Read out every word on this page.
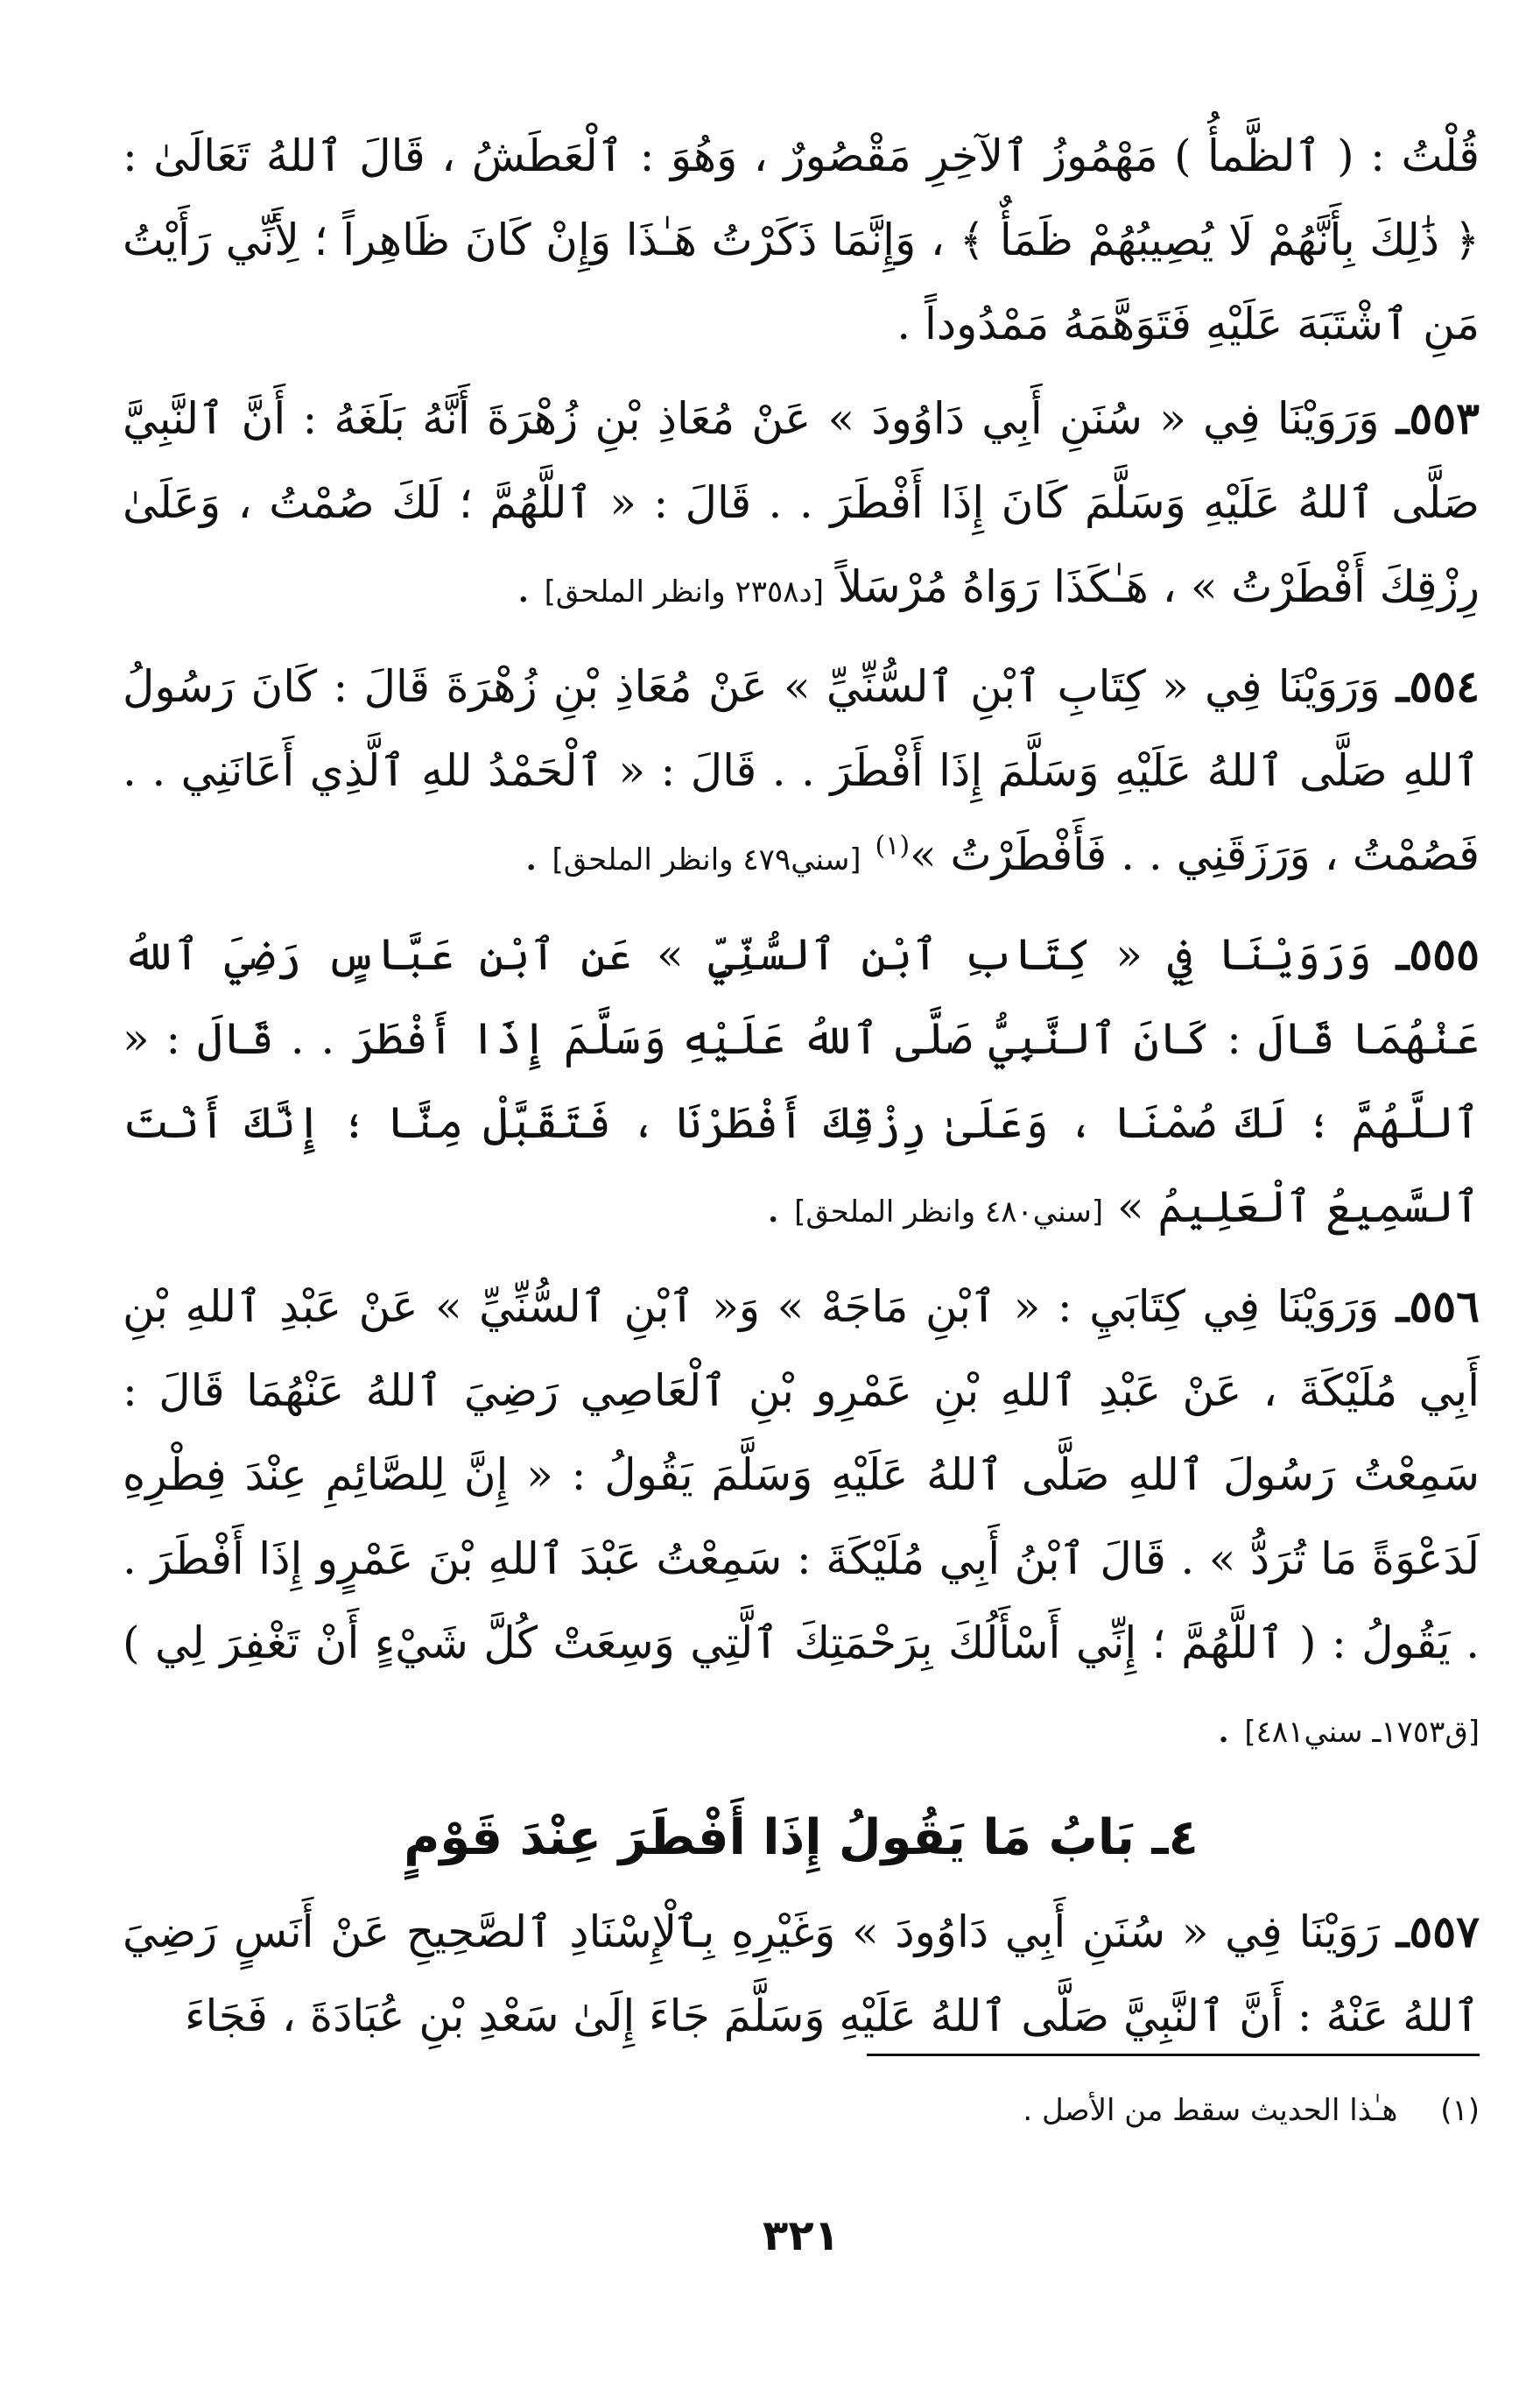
قُلْتُ : ( ٱلظَّمأُ ) مَهْمُوزُ ٱلآخِرِ مَقْصُورٌ ، وَهُوَ : ٱلْعَطَشُ ، قَالَ ٱللهُ تَعَالَىٰ : ﴿ ذَٰلِكَ بِأَنَّهُمْ لَا يُصِيبُهُمْ ظَمَأٌ ﴾ ، وَإِنَّمَا ذَكَرْتُ هَـٰذَا وَإِنْ كَانَ ظَاهِراً ؛ لِأَنِّي رَأَيْتُ مَنِ ٱشْتَبَهَ عَلَيْهِ فَتَوَهَّمَهُ مَمْدُوداً .

٥٥٣ـ وَرَوَيْنَا فِي « سُنَنِ أَبِي دَاوُودَ » عَنْ مُعَاذِ بْنِ زُهْرَةَ أَنَّهُ بَلَغَهُ : أَنَّ ٱلنَّبِيَّ صَلَّى ٱللهُ عَلَيْهِ وَسَلَّمَ كَانَ إِذَا أَفْطَرَ . . قَالَ : « ٱللَّهُمَّ ؛ لَكَ صُمْتُ ، وَعَلَىٰ رِزْقِكَ أَفْطَرْتُ » ، هَـٰكَذَا رَوَاهُ مُرْسَلاً [د٢٣٥٨ وانظر الملحق] .

٥٥٤ـ وَرَوَيْنَا فِي « كِتَابِ ٱبْنِ ٱلسُّنِّيِّ » عَنْ مُعَاذِ بْنِ زُهْرَةَ قَالَ : كَانَ رَسُولُ ٱللهِ صَلَّى ٱللهُ عَلَيْهِ وَسَلَّمَ إِذَا أَفْطَرَ . . قَالَ : « ٱلْحَمْدُ للهِ ٱلَّذِي أَعَانَنِي . . فَصُمْتُ ، وَرَزَقَنِي . . فَأَفْطَرْتُ »$^{(١)}$ [سني٤٧٩ وانظر الملحق] .

٥٥٥ـ وَرَوَيْنَا فِي « كِتَابِ ٱبْنِ ٱلسُّنِّيِّ » عَنِ ٱبْنِ عَبَّاسٍ رَضِيَ ٱللهُ عَنْهُمَا قَالَ : كَانَ ٱلنَّبِيُّ صَلَّى ٱللهُ عَلَيْهِ وَسَلَّمَ إِذَا أَفْطَرَ . . قَالَ : « ٱللَّهُمَّ ؛ لَكَ صُمْنَا ، وَعَلَىٰ رِزْقِكَ أَفْطَرْنَا ، فَتَقَبَّلْ مِنَّا ؛ إِنَّكَ أَنْتَ ٱلسَّمِيعُ ٱلْعَلِيمُ » [سني٤٨٠ وانظر الملحق] .

٥٥٦ـ وَرَوَيْنَا فِي كِتَابَيِ : « ٱبْنِ مَاجَهْ » وَ« ٱبْنِ ٱلسُّنِّيِّ » عَنْ عَبْدِ ٱللهِ بْنِ أَبِي مُلَيْكَةَ ، عَنْ عَبْدِ ٱللهِ بْنِ عَمْرِو بْنِ ٱلْعَاصِي رَضِيَ ٱللهُ عَنْهُمَا قَالَ : سَمِعْتُ رَسُولَ ٱللهِ صَلَّى ٱللهُ عَلَيْهِ وَسَلَّمَ يَقُولُ : « إِنَّ لِلصَّائِمِ عِنْدَ فِطْرِهِ لَدَعْوَةً مَا تُرَدُّ » . قَالَ ٱبْنُ أَبِي مُلَيْكَةَ : سَمِعْتُ عَبْدَ ٱللهِ بْنَ عَمْرٍو إِذَا أَفْطَرَ . . يَقُولُ : ( ٱللَّهُمَّ ؛ إِنِّي أَسْأَلُكَ بِرَحْمَتِكَ ٱلَّتِي وَسِعَتْ كُلَّ شَيْءٍ أَنْ تَغْفِرَ لِي ) [ق١٧٥٣ـ سني٤٨١] .

٤ـ بَابُ مَا يَقُولُ إِذَا أَفْطَرَ عِنْدَ قَوْمٍ

٥٥٧ـ رَوَيْنَا فِي « سُنَنِ أَبِي دَاوُودَ » وَغَيْرِهِ بِٱلْإِسْنَادِ ٱلصَّحِيحِ عَنْ أَنَسٍ رَضِيَ ٱللهُ عَنْهُ : أَنَّ ٱلنَّبِيَّ صَلَّى ٱللهُ عَلَيْهِ وَسَلَّمَ جَاءَ إِلَىٰ سَعْدِ بْنِ عُبَادَةَ ، فَجَاءَ

(١) هـٰذا الحديث سقط من الأصل .
٣٢١
